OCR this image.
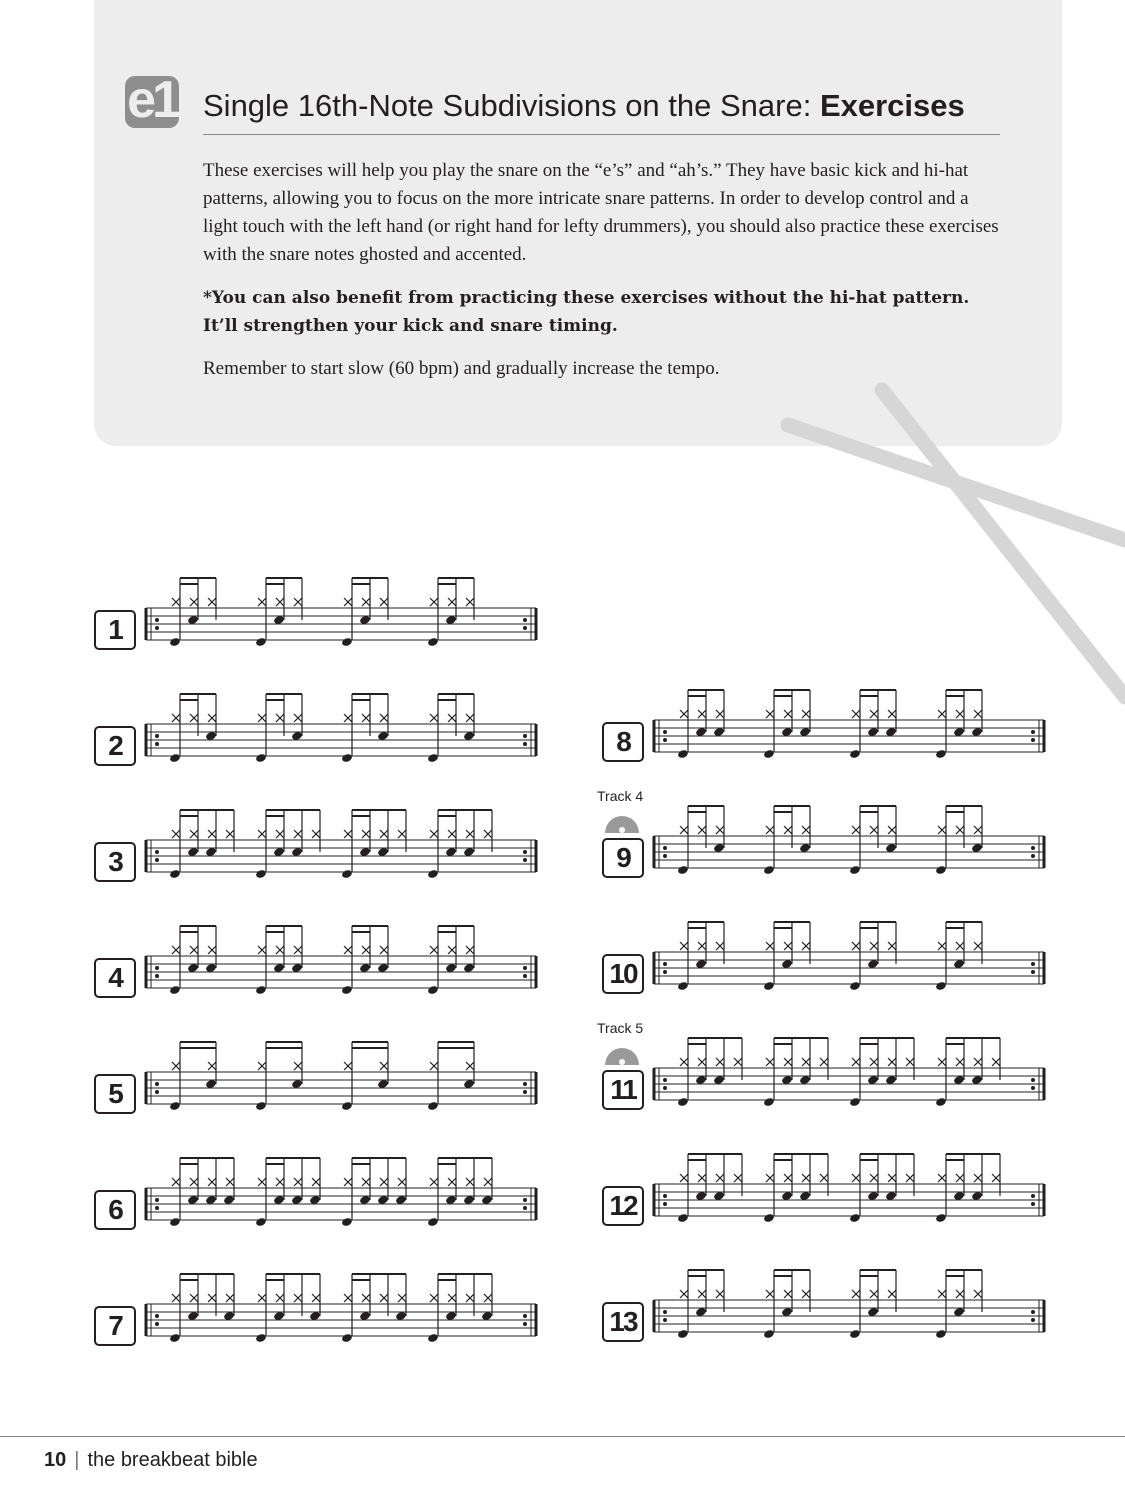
e1 Single 16th-Note Subdivisions on the Snare: Exercises

These exercises will help you play the snare on the “e’s” and “ah’s.” They have basic kick and hi-hat patterns, allowing you to focus on the more intricate snare patterns. In order to develop control and a light touch with the left hand (or right hand for lefty drummers), you should also practice these exercises with the snare notes ghosted and accented.

*You can also benefit from practicing these exercises without the hi-hat pattern. It’ll strengthen your kick and snare timing.

Remember to start slow (60 bpm) and gradually increase the tempo.

1
2
3
4
5
6
7
8
Track 4
9
10
Track 5
11
12
13
10 | the breakbeat bible
